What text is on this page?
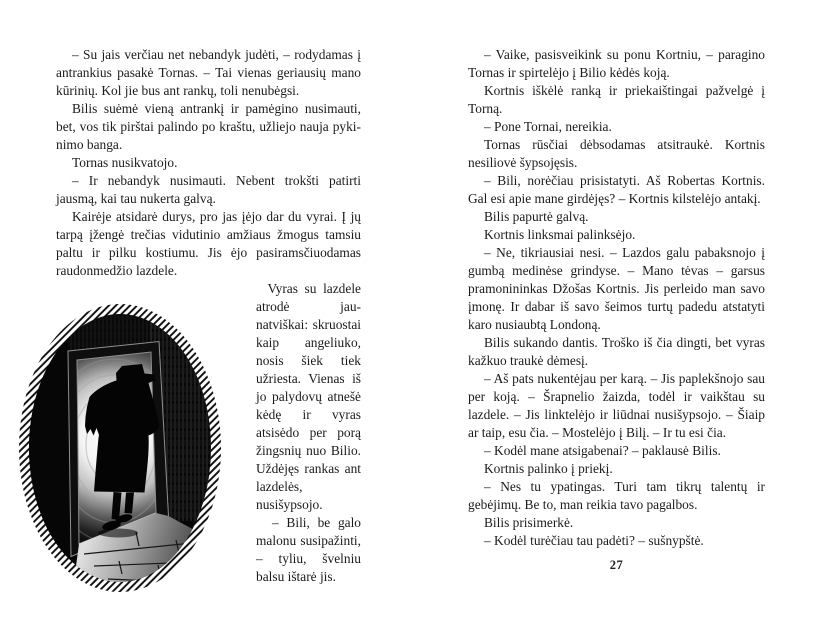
– Su jais verčiau net nebandyk judėti, – rodydamas į antrankius pasakė Tornas. – Tai vienas geriausių mano kūrinių. Kol jie bus ant rankų, toli nenubėgsi.

Bilis suėmė vieną antrankį ir pamėgino nusimauti, bet, vos tik pirštai palindo po kraštu, užliejo nauja pykinimo banga.

Tornas nusikvatojo.

– Ir nebandyk nusimauti. Nebent trokšti patirti jausmą, kai tau nukerta galvą.

Kairėje atsidarė durys, pro jas įėjo dar du vyrai. Į jų tarpą įžengė trečias vidutinio amžiaus žmogus tamsiu paltu ir pilku kostiumu. Jis ėjo pasiramsčiuodamas raudonmedžio lazdele.

Vyras su lazdele atrodė jaunatviškai: skruostai kaip angeliuko, nosis šiek tiek užriesta. Vienas iš jo palydovų atnešė kėdę ir vyras atsisėdo per porą žingsnių nuo Bilio. Uždėjęs rankas ant lazdelės, nusišypsojo.

– Bili, be galo malonu susipažinti, – tyliu, švelniu balsu ištarė jis.

– Vaike, pasisveikink su ponu Kortniu, – paragino Tornas ir spirtelėjo į Bilio kėdės koją.

Kortnis iškėlė ranką ir priekaištingai pažvelgė į Torną.

– Pone Tornai, nereikia.

Tornas rūsčiai dėbsodamas atsitraukė. Kortnis nesiliovė šypsojęsis.

– Bili, norėčiau prisistatyti. Aš Robertas Kortnis. Gal esi apie mane girdėjęs? – Kortnis kilstelėjo antakį.

Bilis papurtė galvą.

Kortnis linksmai palinksėjo.

– Ne, tikriausiai nesi. – Lazdos galu pabaksnojo į gumbą medinėse grindyse. – Mano tėvas – garsus pramonininkas Džošas Kortnis. Jis perleido man savo įmonę. Ir dabar iš savo šeimos turtų padedu atstatyti karo nusiaubtą Londoną.

Bilis sukando dantis. Troško iš čia dingti, bet vyras kažkuo traukė dėmesį.

– Aš pats nukentėjau per karą. – Jis paplekšnojo sau per koją. – Šrapnelio žaizda, todėl ir vaikštau su lazdele. – Jis linktelėjo ir liūdnai nusišypsojo. – Šiaip ar taip, esu čia. – Mostelėjo į Bilį. – Ir tu esi čia.

– Kodėl mane atsigabenai? – paklausė Bilis.

Kortnis palinko į priekį.

– Nes tu ypatingas. Turi tam tikrų talentų ir gebėjimų. Be to, man reikia tavo pagalbos.

Bilis prisimerkė.

– Kodėl turėčiau tau padėti? – sušnypštė.

27
